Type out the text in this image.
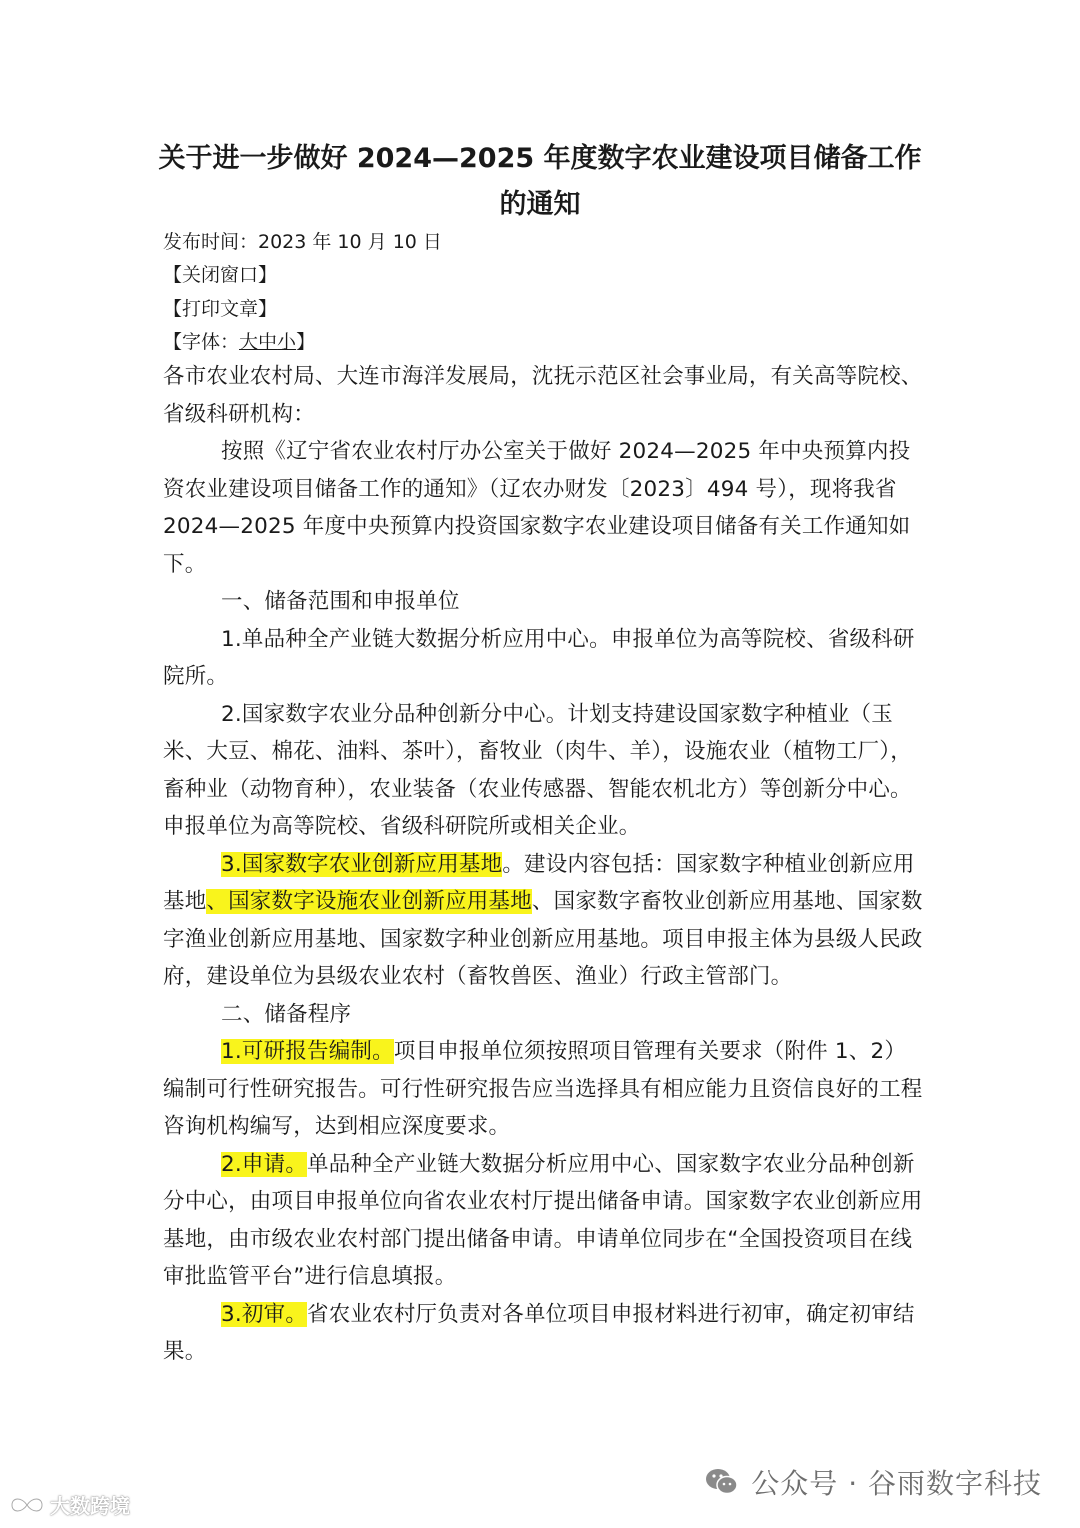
关于进一步做好 2024—2025 年度数字农业建设项目储备工作
的通知
发布时间：2023 年 10 月 10 日
【关闭窗口】
【打印文章】
【字体：大中小】

各市农业农村局、大连市海洋发展局，沈抚示范区社会事业局，有关高等院校、省级科研机构：

按照《辽宁省农业农村厅办公室关于做好 2024—2025 年中央预算内投资农业建设项目储备工作的通知》（辽农办财发〔2023〕494 号），现将我省 2024—2025 年度中央预算内投资国家数字农业建设项目储备有关工作通知如下。

一、储备范围和申报单位

1.单品种全产业链大数据分析应用中心。申报单位为高等院校、省级科研院所。

2.国家数字农业分品种创新分中心。计划支持建设国家数字种植业（玉米、大豆、棉花、油料、茶叶），畜牧业（肉牛、羊），设施农业（植物工厂），畜种业（动物育种），农业装备（农业传感器、智能农机北方）等创新分中心。申报单位为高等院校、省级科研院所或相关企业。

3.国家数字农业创新应用基地。建设内容包括：国家数字种植业创新应用基地、国家数字设施农业创新应用基地、国家数字畜牧业创新应用基地、国家数字渔业创新应用基地、国家数字种业创新应用基地。项目申报主体为县级人民政府，建设单位为县级农业农村（畜牧兽医、渔业）行政主管部门。

二、储备程序

1.可研报告编制。项目申报单位须按照项目管理有关要求（附件 1、2）编制可行性研究报告。可行性研究报告应当选择具有相应能力且资信良好的工程咨询机构编写，达到相应深度要求。

2.申请。单品种全产业链大数据分析应用中心、国家数字农业分品种创新分中心，由项目申报单位向省农业农村厅提出储备申请。国家数字农业创新应用基地，由市级农业农村部门提出储备申请。申请单位同步在“全国投资项目在线审批监管平台”进行信息填报。

3.初审。省农业农村厅负责对各单位项目申报材料进行初审，确定初审结果。

公众号 · 谷雨数字科技
大数跨境
